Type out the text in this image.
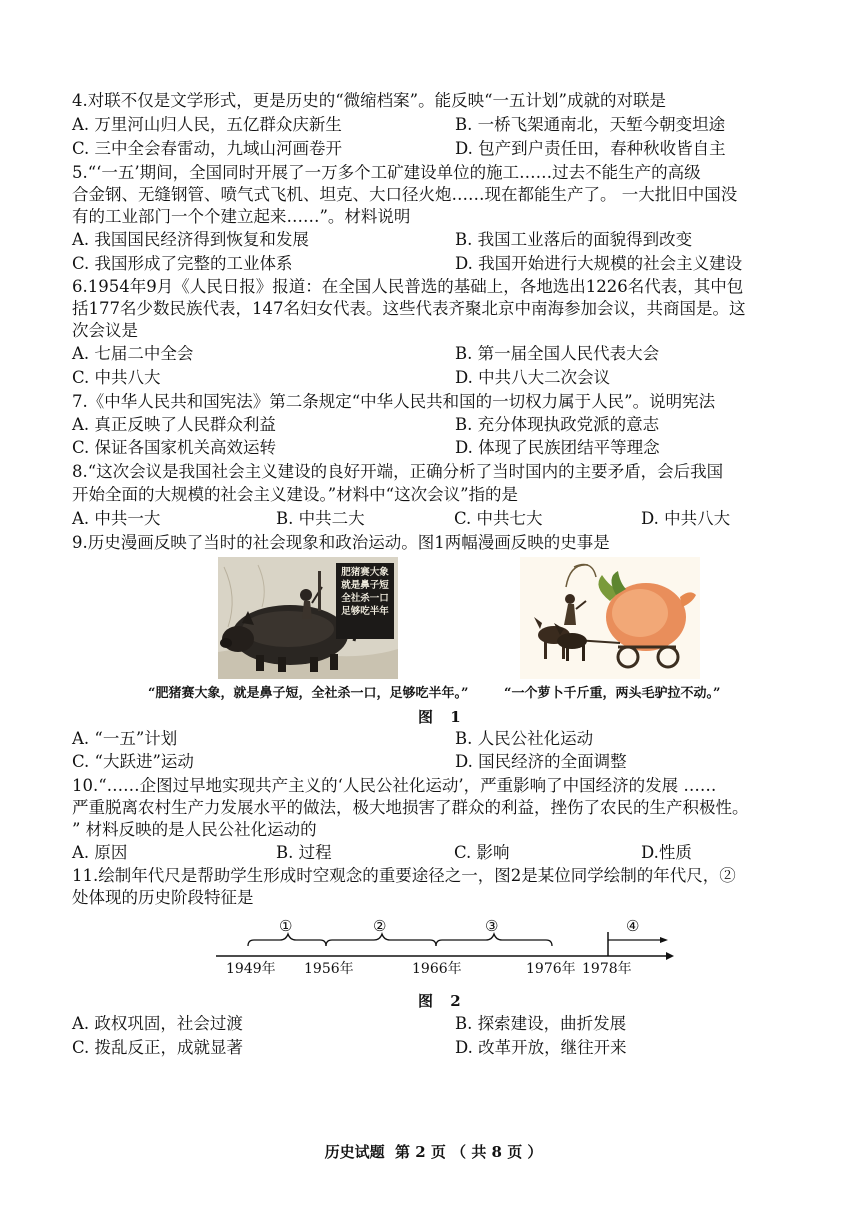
4.对联不仅是文学形式，更是历史的“微缩档案”。能反映“一五计划”成就的对联是
A. 万里河山归人民，五亿群众庆新生	B. 一桥飞架通南北，天堑今朝变坦途
C. 三中全会春雷动，九域山河画卷开	D. 包产到户责任田，春种秋收皆自主
5.“‘一五’期间，全国同时开展了一万多个工矿建设单位的施工……过去不能生产的高级
合金钢、无缝钢管、喷气式飞机、坦克、大口径火炮……现在都能生产了。 一大批旧中国没
有的工业部门一个个建立起来……”。材料说明
A. 我国国民经济得到恢复和发展	B. 我国工业落后的面貌得到改变
C. 我国形成了完整的工业体系	D. 我国开始进行大规模的社会主义建设
6.1954年9月《人民日报》报道：在全国人民普选的基础上，各地选出1226名代表，其中包
括177名少数民族代表，147名妇女代表。这些代表齐聚北京中南海参加会议，共商国是。这
次会议是
A. 七届二中全会	B. 第一届全国人民代表大会
C. 中共八大	D. 中共八大二次会议
7.《中华人民共和国宪法》第二条规定“中华人民共和国的一切权力属于人民”。说明宪法
A. 真正反映了人民群众利益	B. 充分体现执政党派的意志
C. 保证各国家机关高效运转	D. 体现了民族团结平等理念
8.“这次会议是我国社会主义建设的良好开端，正确分析了当时国内的主要矛盾，会后我国
开始全面的大规模的社会主义建设。”材料中“这次会议”指的是
A. 中共一大	B. 中共二大	C. 中共七大	D. 中共八大
9.历史漫画反映了当时的社会现象和政治运动。图1两幅漫画反映的史事是
肥猪赛大象
就是鼻子短
全社杀一口
足够吃半年
“肥猪赛大象，就是鼻子短，全社杀一口，足够吃半年。”	“一个萝卜千斤重，两头毛驴拉不动。”
图 1
A. “一五”计划	B. 人民公社化运动
C. “大跃进”运动	D. 国民经济的全面调整
10.“……企图过早地实现共产主义的‘人民公社化运动’，严重影响了中国经济的发展 ……
严重脱离农村生产力发展水平的做法，极大地损害了群众的利益，挫伤了农民的生产积极性。
” 材料反映的是人民公社化运动的
A. 原因	B. 过程	C. 影响	D.性质
11.绘制年代尺是帮助学生形成时空观念的重要途径之一，图2是某位同学绘制的年代尺，②
处体现的历史阶段特征是
①	②	③	④
1949年 1956年	1966年	1976年 1978年
图 2
A. 政权巩固，社会过渡	B. 探索建设，曲折发展
C. 拨乱反正，成就显著	D. 改革开放，继往开来
历史试题  第 2 页 （ 共 8 页 ）
